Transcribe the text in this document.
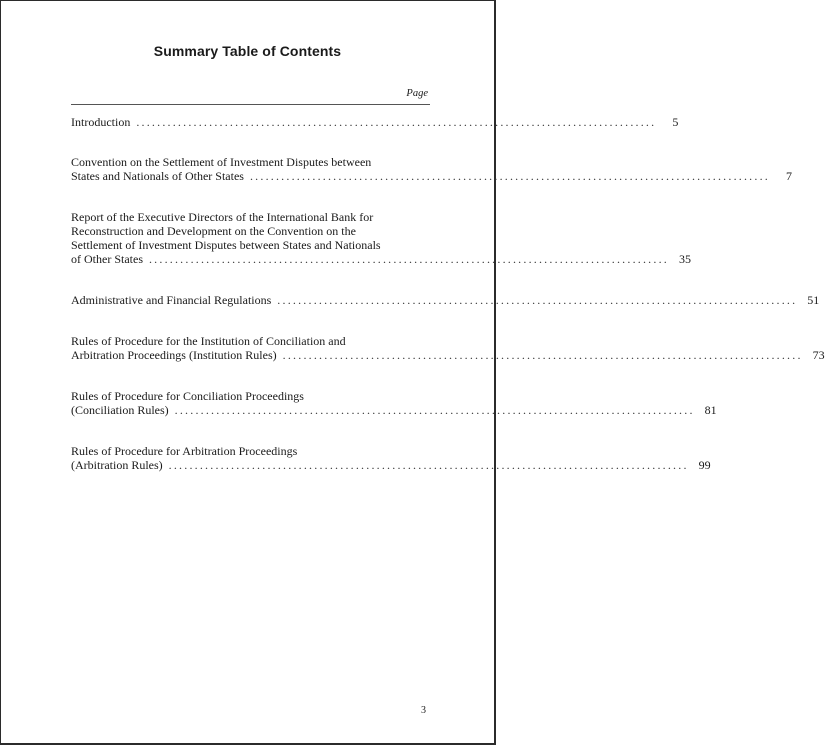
Summary Table of Contents
Page
Introduction ....................................................................................................	5
Convention on the Settlement of Investment Disputes between
States and Nationals of Other States ....................................................................................................	7
Report of the Executive Directors of the International Bank for
Reconstruction and Development on the Convention on the
Settlement of Investment Disputes between States and Nationals
of Other States .................................................................................................... 35
Administrative and Financial Regulations .................................................................................................... 51
Rules of Procedure for the Institution of Conciliation and
Arbitration Proceedings (Institution Rules) .................................................................................................... 73
Rules of Procedure for Conciliation Proceedings
(Conciliation Rules) .................................................................................................... 81
Rules of Procedure for Arbitration Proceedings
(Arbitration Rules) .................................................................................................... 99
3
